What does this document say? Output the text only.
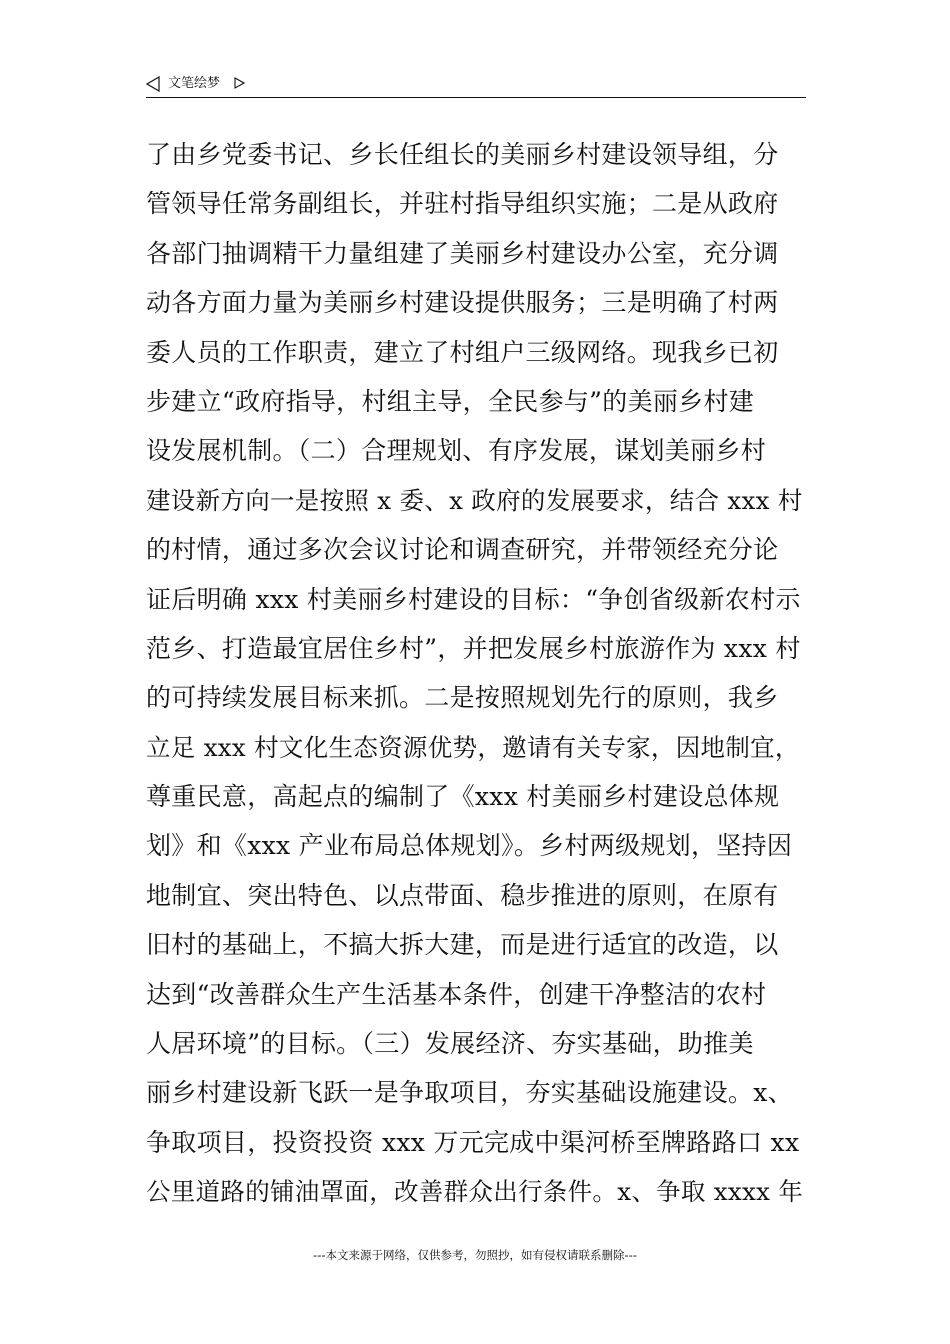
文笔绘梦
了由乡党委书记、乡长任组长的美丽乡村建设领导组，分
管领导任常务副组长，并驻村指导组织实施；二是从政府
各部门抽调精干力量组建了美丽乡村建设办公室，充分调
动各方面力量为美丽乡村建设提供服务；三是明确了村两
委人员的工作职责，建立了村组户三级网络。现我乡已初
步建立“政府指导，村组主导，全民参与”的美丽乡村建
设发展机制。（二）合理规划、有序发展，谋划美丽乡村
建设新方向一是按照 x 委、x 政府的发展要求，结合 xxx 村
的村情，通过多次会议讨论和调查研究，并带领经充分论
证后明确 xxx 村美丽乡村建设的目标：“争创省级新农村示
范乡、打造最宜居住乡村”，并把发展乡村旅游作为 xxx 村
的可持续发展目标来抓。二是按照规划先行的原则，我乡
立足 xxx 村文化生态资源优势，邀请有关专家，因地制宜，
尊重民意，高起点的编制了《xxx 村美丽乡村建设总体规
划》和《xxx 产业布局总体规划》。乡村两级规划，坚持因
地制宜、突出特色、以点带面、稳步推进的原则，在原有
旧村的基础上，不搞大拆大建，而是进行适宜的改造，以
达到“改善群众生产生活基本条件，创建干净整洁的农村
人居环境”的目标。（三）发展经济、夯实基础，助推美
丽乡村建设新飞跃一是争取项目，夯实基础设施建设。x、
争取项目，投资投资 xxx 万元完成中渠河桥至牌路路口 xx
公里道路的铺油罩面，改善群众出行条件。x、争取 xxxx 年
---本文来源于网络，仅供参考，勿照抄，如有侵权请联系删除---
